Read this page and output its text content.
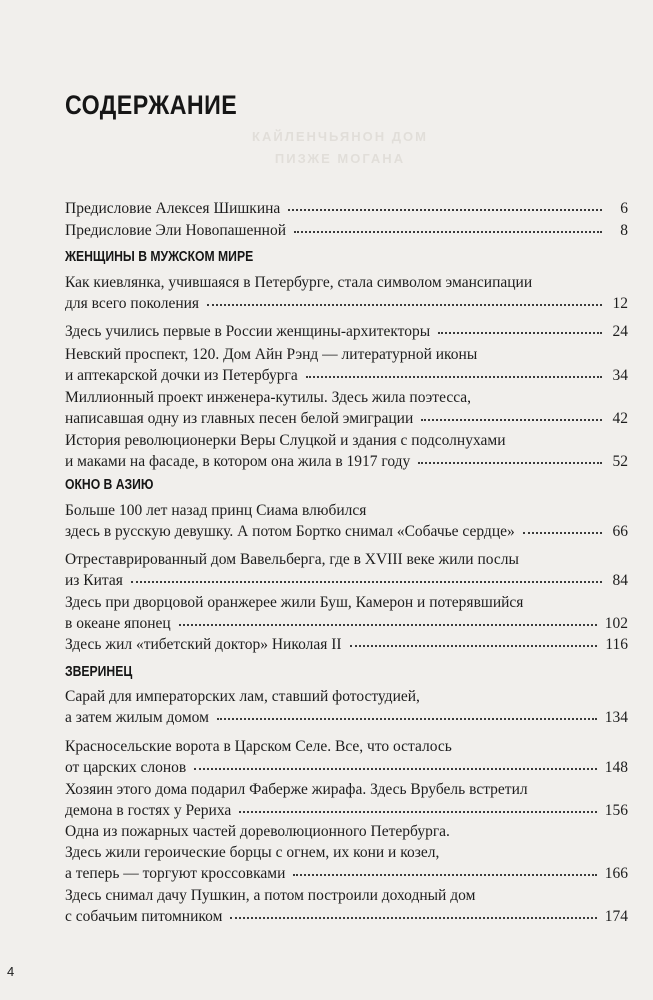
КАЙЛЕНЧЬЯНОН ДОМ
ПИЗЖЕ МОГАНА
СОДЕРЖАНИЕ
Предисловие Алексея Шишкина	6
Предисловие Эли Новопашенной	8
ЖЕНЩИНЫ В МУЖСКОМ МИРЕ
Как киевлянка, учившаяся в Петербурге, стала символом эмансипации
для всего поколения	12
Здесь учились первые в России женщины-архитекторы	24
Невский проспект, 120. Дом Айн Рэнд — литературной иконы
и аптекарской дочки из Петербурга	34
Миллионный проект инженера-кутилы. Здесь жила поэтесса,
написавшая одну из главных песен белой эмиграции	42
История революционерки Веры Слуцкой и здания с подсолнухами
и маками на фасаде, в котором она жила в 1917 году	52
ОКНО В АЗИЮ
Больше 100 лет назад принц Сиама влюбился
здесь в русскую девушку. А потом Бортко снимал «Собачье сердце»	66
Отреставрированный дом Вавельберга, где в XVIII веке жили послы
из Китая	84
Здесь при дворцовой оранжерее жили Буш, Камерон и потерявшийся
в океане японец	102
Здесь жил «тибетский доктор» Николая II	116
ЗВЕРИНЕЦ
Сарай для императорских лам, ставший фотостудией,
а затем жилым домом	134
Красносельские ворота в Царском Селе. Все, что осталось
от царских слонов	148
Хозяин этого дома подарил Фаберже жирафа. Здесь Врубель встретил
демона в гостях у Рериха	156
Одна из пожарных частей дореволюционного Петербурга.
Здесь жили героические борцы с огнем, их кони и козел,
а теперь — торгуют кроссовками	166
Здесь снимал дачу Пушкин, а потом построили доходный дом
с собачьим питомником	174
4
